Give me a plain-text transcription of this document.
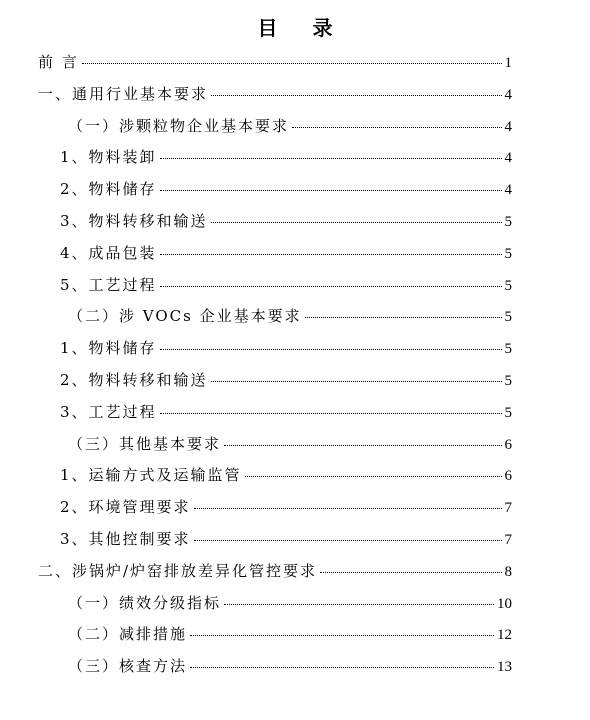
目 录
前 言	1
一、通用行业基本要求	4
（一）涉颗粒物企业基本要求	4
1、物料装卸	4
2、物料储存	4
3、物料转移和输送	5
4、成品包装	5
5、工艺过程	5
（二）涉 VOCs 企业基本要求	5
1、物料储存	5
2、物料转移和输送	5
3、工艺过程	5
（三）其他基本要求	6
1、运输方式及运输监管	6
2、环境管理要求	7
3、其他控制要求	7
二、涉锅炉/炉窑排放差异化管控要求	8
（一）绩效分级指标	10
（二）减排措施	12
（三）核查方法	13
